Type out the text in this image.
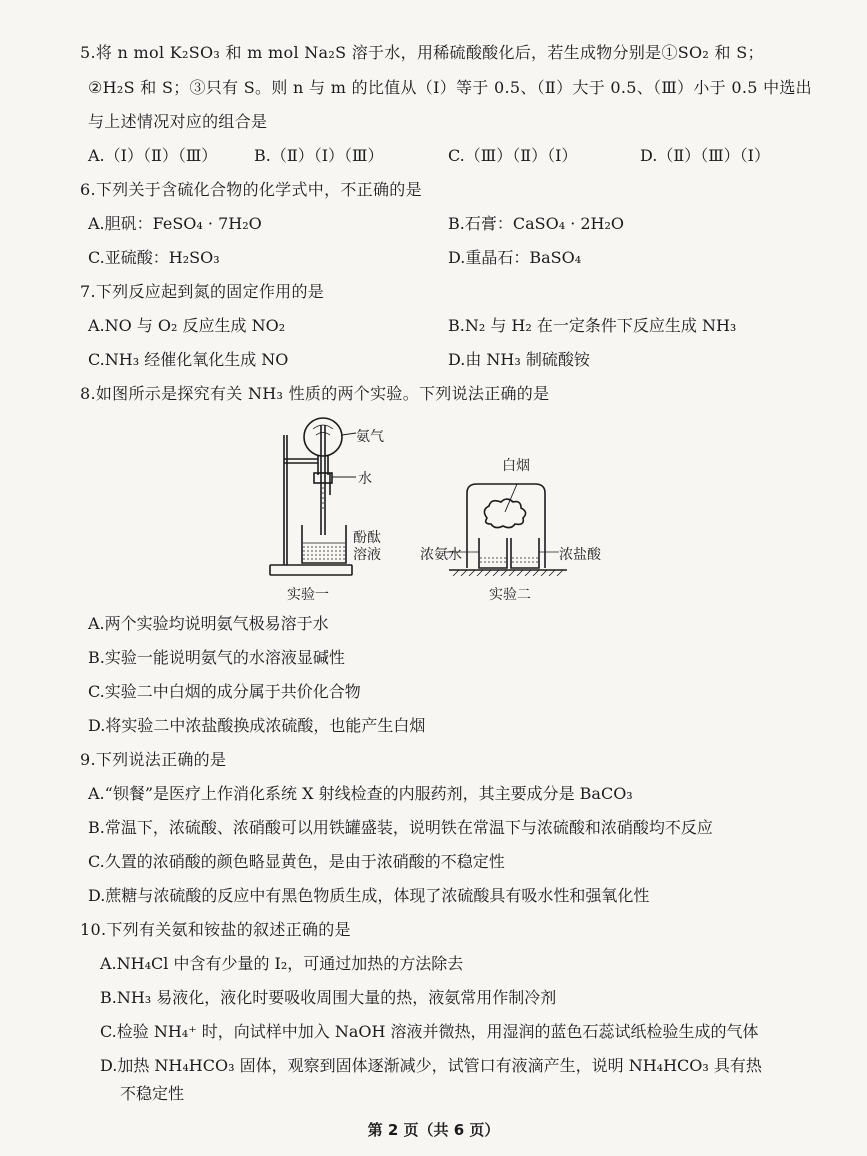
5.将 n mol K₂SO₃ 和 m mol Na₂S 溶于水，用稀硫酸酸化后，若生成物分别是①SO₂ 和 S；
②H₂S 和 S；③只有 S。则 n 与 m 的比值从（Ⅰ）等于 0.5、（Ⅱ）大于 0.5、（Ⅲ）小于 0.5 中选出
与上述情况对应的组合是
A.（Ⅰ）（Ⅱ）（Ⅲ） B.（Ⅱ）（Ⅰ）（Ⅲ）	C.（Ⅲ）（Ⅱ）（Ⅰ）	D.（Ⅱ）（Ⅲ）（Ⅰ）
6.下列关于含硫化合物的化学式中，不正确的是
A.胆矾：FeSO₄ · 7H₂O	B.石膏：CaSO₄ · 2H₂O
C.亚硫酸：H₂SO₃	D.重晶石：BaSO₄
7.下列反应起到氮的固定作用的是
A.NO 与 O₂ 反应生成 NO₂	B.N₂ 与 H₂ 在一定条件下反应生成 NH₃
C.NH₃ 经催化氧化生成 NO	D.由 NH₃ 制硫酸铵
8.如图所示是探究有关 NH₃ 性质的两个实验。下列说法正确的是
氨气
水
酚酞
溶液
实验一
白烟
浓氨水	浓盐酸
实验二
A.两个实验均说明氨气极易溶于水
B.实验一能说明氨气的水溶液显碱性
C.实验二中白烟的成分属于共价化合物
D.将实验二中浓盐酸换成浓硫酸，也能产生白烟
9.下列说法正确的是
A.“钡餐”是医疗上作消化系统 X 射线检查的内服药剂，其主要成分是 BaCO₃
B.常温下，浓硫酸、浓硝酸可以用铁罐盛装，说明铁在常温下与浓硫酸和浓硝酸均不反应
C.久置的浓硝酸的颜色略显黄色，是由于浓硝酸的不稳定性
D.蔗糖与浓硫酸的反应中有黑色物质生成，体现了浓硫酸具有吸水性和强氧化性
10.下列有关氨和铵盐的叙述正确的是
A.NH₄Cl 中含有少量的 I₂，可通过加热的方法除去
B.NH₃ 易液化，液化时要吸收周围大量的热，液氨常用作制冷剂
C.检验 NH₄⁺ 时，向试样中加入 NaOH 溶液并微热，用湿润的蓝色石蕊试纸检验生成的气体
D.加热 NH₄HCO₃ 固体，观察到固体逐渐减少，试管口有液滴产生，说明 NH₄HCO₃ 具有热
不稳定性
第 2 页（共 6 页）
